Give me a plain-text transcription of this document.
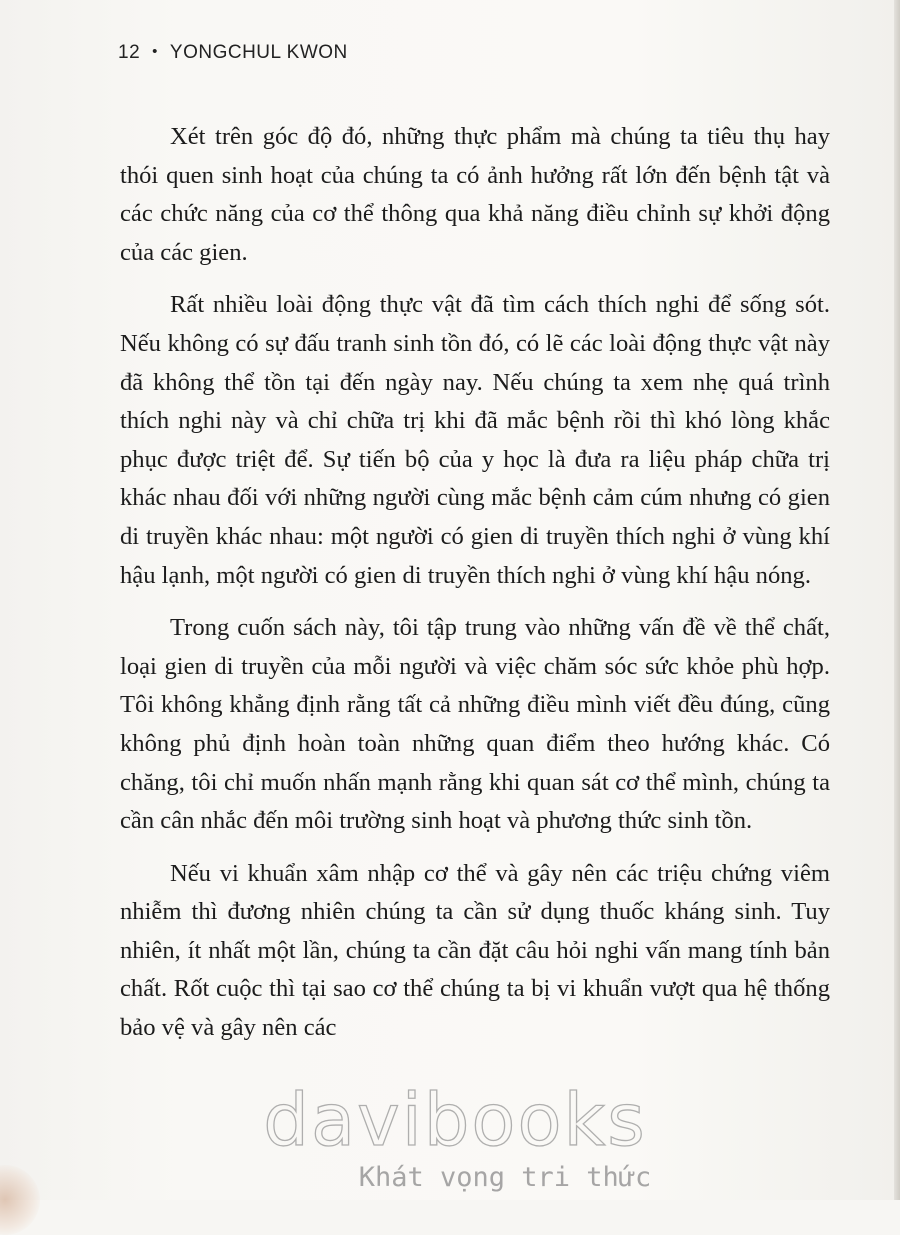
12 • YONGCHUL KWON

Xét trên góc độ đó, những thực phẩm mà chúng ta tiêu thụ hay thói quen sinh hoạt của chúng ta có ảnh hưởng rất lớn đến bệnh tật và các chức năng của cơ thể thông qua khả năng điều chỉnh sự khởi động của các gien.

Rất nhiều loài động thực vật đã tìm cách thích nghi để sống sót. Nếu không có sự đấu tranh sinh tồn đó, có lẽ các loài động thực vật này đã không thể tồn tại đến ngày nay. Nếu chúng ta xem nhẹ quá trình thích nghi này và chỉ chữa trị khi đã mắc bệnh rồi thì khó lòng khắc phục được triệt để. Sự tiến bộ của y học là đưa ra liệu pháp chữa trị khác nhau đối với những người cùng mắc bệnh cảm cúm nhưng có gien di truyền khác nhau: một người có gien di truyền thích nghi ở vùng khí hậu lạnh, một người có gien di truyền thích nghi ở vùng khí hậu nóng.

Trong cuốn sách này, tôi tập trung vào những vấn đề về thể chất, loại gien di truyền của mỗi người và việc chăm sóc sức khỏe phù hợp. Tôi không khẳng định rằng tất cả những điều mình viết đều đúng, cũng không phủ định hoàn toàn những quan điểm theo hướng khác. Có chăng, tôi chỉ muốn nhấn mạnh rằng khi quan sát cơ thể mình, chúng ta cần cân nhắc đến môi trường sinh hoạt và phương thức sinh tồn.

Nếu vi khuẩn xâm nhập cơ thể và gây nên các triệu chứng viêm nhiễm thì đương nhiên chúng ta cần sử dụng thuốc kháng sinh. Tuy nhiên, ít nhất một lần, chúng ta cần đặt câu hỏi nghi vấn mang tính bản chất. Rốt cuộc thì tại sao cơ thể chúng ta bị vi khuẩn vượt qua hệ thống bảo vệ và gây nên các

davibooks
Khát vọng tri thức
